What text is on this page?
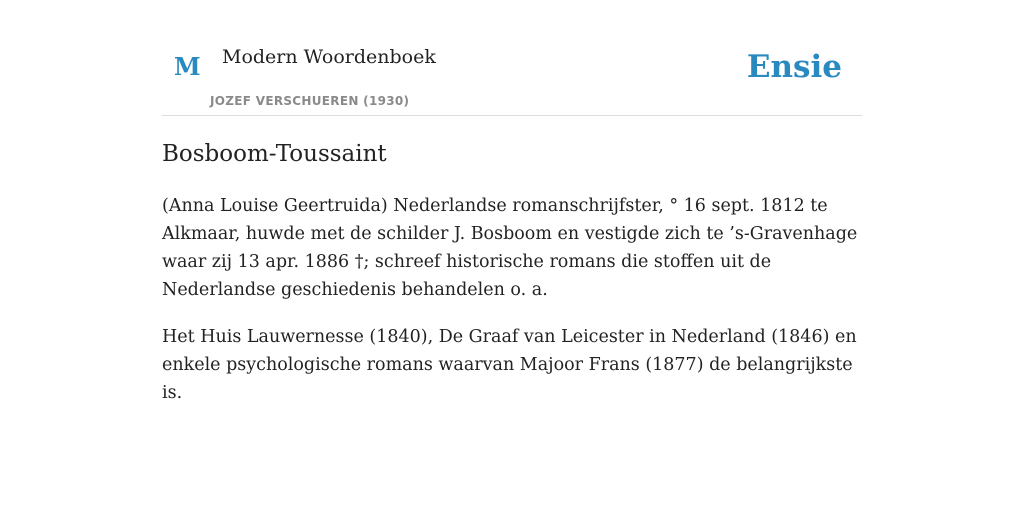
M Modern Woordenboek
JOZEF VERSCHUEREN (1930)
Ensie
Bosboom-Toussaint

(Anna Louise Geertruida) Nederlandse romanschrijfster, ° 16 sept. 1812 te Alkmaar, huwde met de schilder J. Bosboom en vestigde zich te ’s-Gravenhage waar zij 13 apr. 1886 †; schreef historische romans die stoffen uit de Nederlandse geschiedenis behandelen o. a.

Het Huis Lauwernesse (1840), De Graaf van Leicester in Nederland (1846) en enkele psychologische romans waarvan Majoor Frans (1877) de belangrijkste is.
